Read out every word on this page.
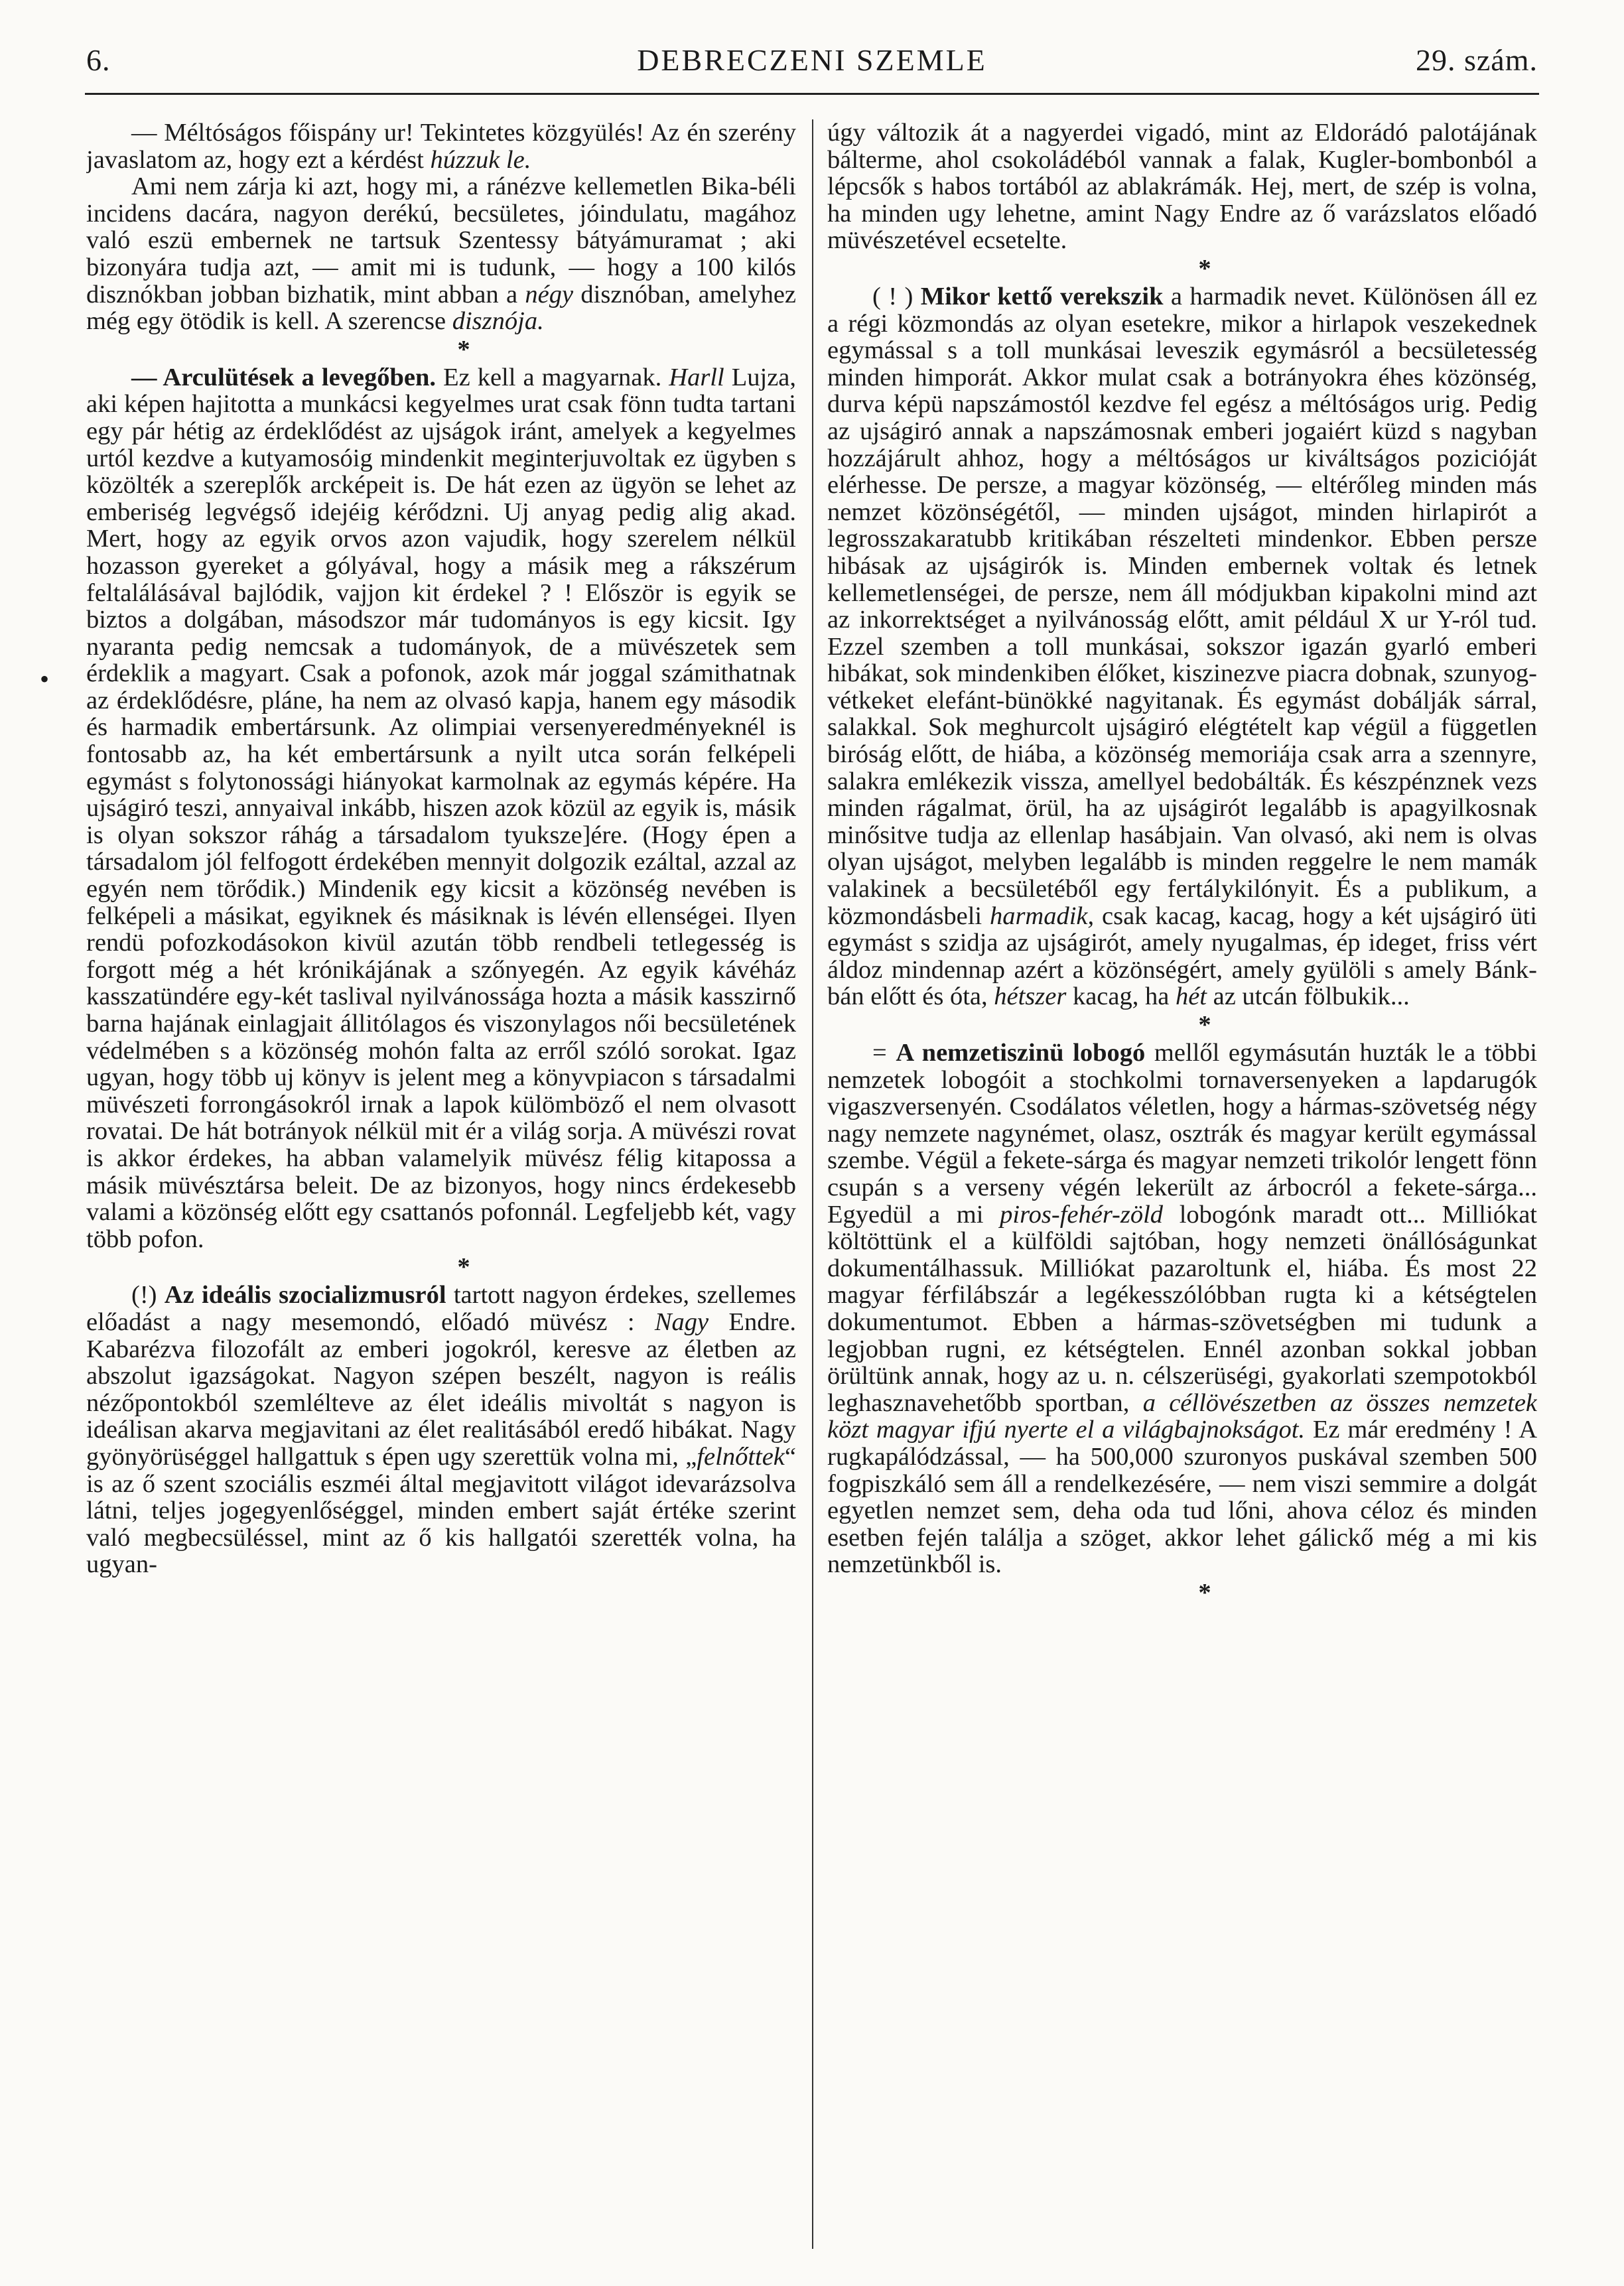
6.	DEBRECZENI SZEMLE	29. szám.
•

— Méltóságos főispány ur! Tekintetes közgyülés! Az én szerény javaslatom az, hogy ezt a kérdést húzzuk le.

Ami nem zárja ki azt, hogy mi, a ránézve kellemetlen Bika-béli incidens dacára, nagyon derékú, becsületes, jóindulatu, magához való eszü embernek ne tartsuk Szentessy bátyámuramat ; aki bizonyára tudja azt, — amit mi is tudunk, — hogy a 100 kilós disznókban jobban bizhatik, mint abban a négy disznóban, amelyhez még egy ötödik is kell. A szerencse disznója.

*

— Arculütések a levegőben. Ez kell a magyarnak. Harll Lujza, aki képen hajitotta a munkácsi kegyelmes urat csak fönn tudta tartani egy pár hétig az érdeklődést az ujságok iránt, amelyek a kegyelmes urtól kezdve a kutyamosóig mindenkit meginterjuvoltak ez ügyben s közölték a szereplők arcképeit is. De hát ezen az ügyön se lehet az emberiség legvégső idejéig kérődzni. Uj anyag pedig alig akad. Mert, hogy az egyik orvos azon vajudik, hogy szerelem nélkül hozasson gyereket a gólyával, hogy a másik meg a rákszérum feltalálásával bajlódik, vajjon kit érdekel ? ! Először is egyik se biztos a dolgában, másodszor már tudományos is egy kicsit. Igy nyaranta pedig nemcsak a tudományok, de a müvészetek sem érdeklik a magyart. Csak a pofonok, azok már joggal számithatnak az érdeklődésre, pláne, ha nem az olvasó kapja, hanem egy második és harmadik embertársunk. Az olimpiai versenyeredményeknél is fontosabb az, ha két embertársunk a nyilt utca során felképeli egymást s folytonossági hiányokat karmolnak az egymás képére. Ha ujságiró teszi, annyaival inkább, hiszen azok közül az egyik is, másik is olyan sokszor ráhág a társadalom tyuksze]ére. (Hogy épen a társadalom jól felfogott érdekében mennyit dolgozik ezáltal, azzal az egyén nem törődik.) Mindenik egy kicsit a közönség nevében is felképeli a másikat, egyiknek és másiknak is lévén ellenségei. Ilyen rendü pofozkodásokon kivül azután több rendbeli tetlegesség is forgott még a hét krónikájának a szőnyegén. Az egyik kávéház kasszatündére egy-két taslival nyilvánossága hozta a másik kasszirnő barna hajának einlagjait állitólagos és viszonylagos női becsületének védelmében s a közönség mohón falta az erről szóló sorokat. Igaz ugyan, hogy több uj könyv is jelent meg a könyvpiacon s társadalmi müvészeti forrongásokról irnak a lapok külömböző el nem olvasott rovatai. De hát botrányok nélkül mit ér a világ sorja. A müvészi rovat is akkor érdekes, ha abban valamelyik müvész félig kitapossa a másik müvésztársa beleit. De az bizonyos, hogy nincs érdekesebb valami a közönség előtt egy csattanós pofonnál. Legfeljebb két, vagy több pofon.

*

(!) Az ideális szocializmusról tartott nagyon érdekes, szellemes előadást a nagy mesemondó, előadó müvész : Nagy Endre. Kabarézva filozofált az emberi jogokról, keresve az életben az abszolut igazságokat. Nagyon szépen beszélt, nagyon is reális nézőpontokból szemlélteve az élet ideális mivoltát s nagyon is ideálisan akarva megjavitani az élet realitásából eredő hibákat. Nagy gyönyörüséggel hallgattuk s épen ugy szerettük volna mi, „felnőttek“ is az ő szent szociális eszméi által megjavitott világot idevarázsolva látni, teljes jogegyenlőséggel, minden embert saját értéke szerint való megbecsüléssel, mint az ő kis hallgatói szerették volna, ha ugyan-

úgy változik át a nagyerdei vigadó, mint az Eldorádó palotájának bálterme, ahol csokoládéból vannak a falak, Kugler-bombonból a lépcsők s habos tortából az ablakrámák. Hej, mert, de szép is volna, ha minden ugy lehetne, amint Nagy Endre az ő varázslatos előadó müvészetével ecsetelte.

*

( ! ) Mikor kettő verekszik a harmadik nevet. Különösen áll ez a régi közmondás az olyan esetekre, mikor a hirlapok veszekednek egymással s a toll munkásai leveszik egymásról a becsületesség minden himporát. Akkor mulat csak a botrányokra éhes közönség, durva képü napszámostól kezdve fel egész a méltóságos urig. Pedig az ujságiró annak a napszámosnak emberi jogaiért küzd s nagyban hozzájárult ahhoz, hogy a méltóságos ur kiváltságos pozicióját elérhesse. De persze, a magyar közönség, — eltérőleg minden más nemzet közönségétől, — minden ujságot, minden hirlapirót a legrosszakaratubb kritikában részelteti mindenkor. Ebben persze hibásak az ujságirók is. Minden embernek voltak és letnek kellemetlenségei, de persze, nem áll módjukban kipakolni mind azt az inkorrektséget a nyilvánosság előtt, amit például X ur Y-ról tud. Ezzel szemben a toll munkásai, sokszor igazán gyarló emberi hibákat, sok mindenkiben élőket, kiszinezve piacra dobnak, szunyog-vétkeket elefánt-bünökké nagyitanak. És egymást dobálják sárral, salakkal. Sok meghurcolt ujságiró elégtételt kap végül a független biróság előtt, de hiába, a közönség memoriája csak arra a szennyre, salakra emlékezik vissza, amellyel bedobálták. És készpénznek vezs minden rágalmat, örül, ha az ujságirót legalább is apagyilkosnak minősitve tudja az ellenlap hasábjain. Van olvasó, aki nem is olvas olyan ujságot, melyben legalább is minden reggelre le nem mamák valakinek a becsületéből egy fertálykilónyit. És a publikum, a közmondásbeli harmadik, csak kacag, kacag, hogy a két ujságiró üti egymást s szidja az ujságirót, amely nyugalmas, ép ideget, friss vért áldoz mindennap azért a közönségért, amely gyülöli s amely Bánk-bán előtt és óta, hétszer kacag, ha hét az utcán fölbukik...

*

= A nemzetiszinü lobogó mellől egymásután huzták le a többi nemzetek lobogóit a stochkolmi tornaversenyeken a lapdarugók vigaszversenyén. Csodálatos véletlen, hogy a hármas-szövetség négy nagy nemzete nagynémet, olasz, osztrák és magyar került egymással szembe. Végül a fekete-sárga és magyar nemzeti trikolór lengett fönn csupán s a verseny végén lekerült az árbocról a fekete-sárga... Egyedül a mi piros-fehér-zöld lobogónk maradt ott... Milliókat költöttünk el a külföldi sajtóban, hogy nemzeti önállóságunkat dokumentálhassuk. Milliókat pazaroltunk el, hiába. És most 22 magyar férfilábszár a legékesszólóbban rugta ki a kétségtelen dokumentumot. Ebben a hármas-szövetségben mi tudunk a legjobban rugni, ez kétségtelen. Ennél azonban sokkal jobban örültünk annak, hogy az u. n. célszerüségi, gyakorlati szempotokból leghasznavehetőbb sportban, a céllövészetben az összes nemzetek közt magyar ifjú nyerte el a világbajnokságot. Ez már eredmény ! A rugkapálódzással, — ha 500,000 szuronyos puskával szemben 500 fogpiszkáló sem áll a rendelkezésére, — nem viszi semmire a dolgát egyetlen nemzet sem, deha oda tud lőni, ahova céloz és minden esetben fején találja a szöget, akkor lehet gálickő még a mi kis nemzetünkből is.

*
